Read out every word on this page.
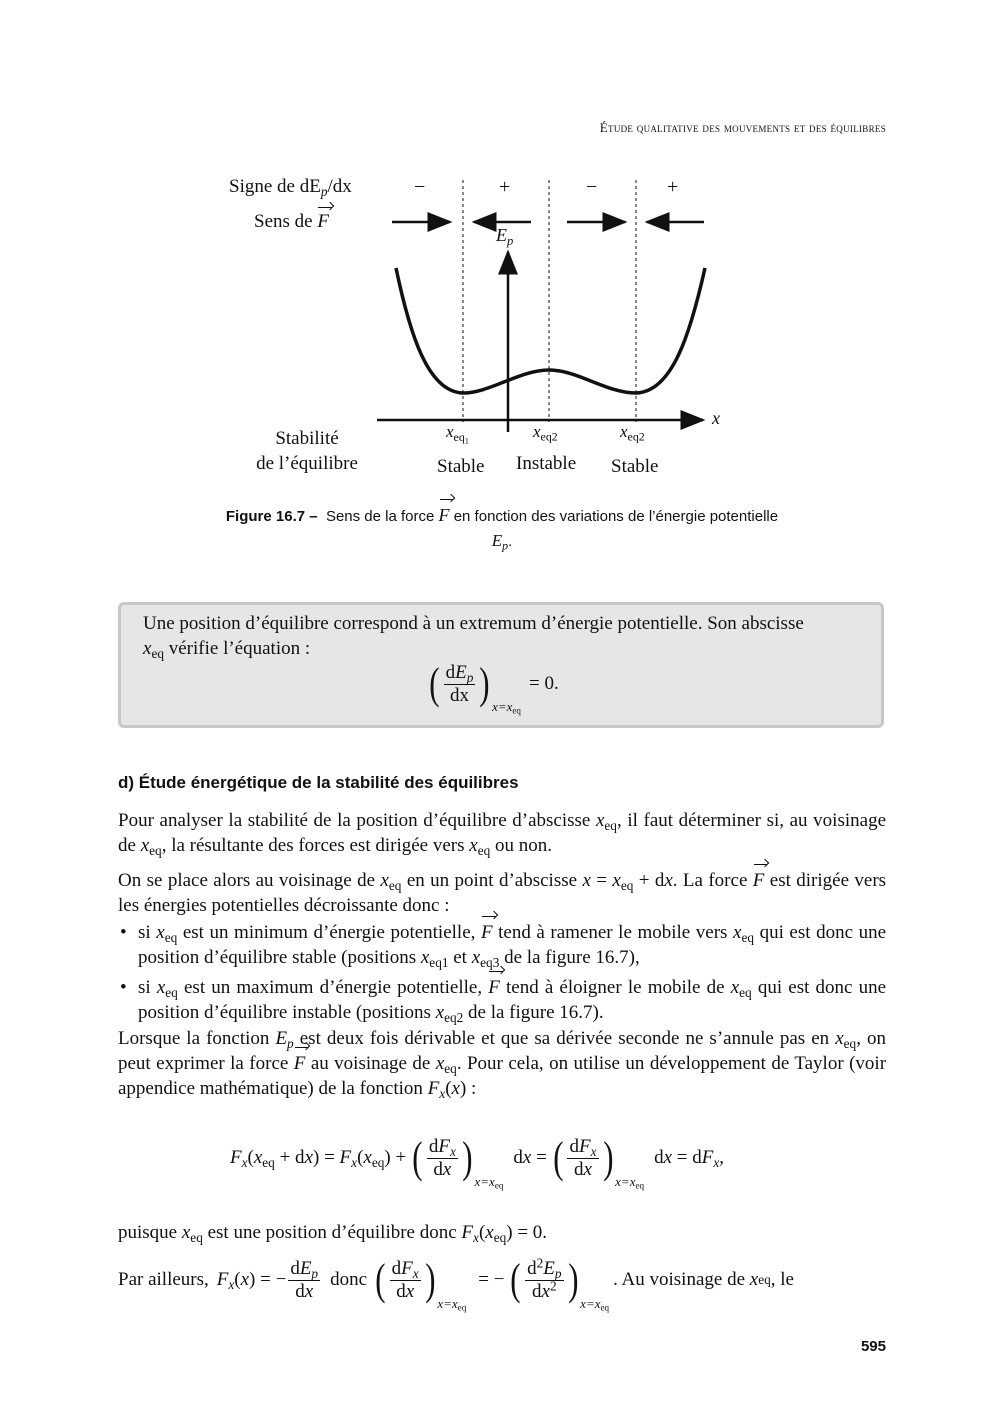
Étude qualitative des mouvements et des équilibres
Signe de $dE_p/dx$
Sens de F
−	+	−	+
$E_p$
x
$x_{eq_1}$	$x_{eq2}$	$x_{eq2}$
Stabilité
de l’équilibre	Stable Instable Stable
Figure 16.7 – Sens de la force F en fonction des variations de l’énergie potentielle
$E_p$.
Une position d’équilibre correspond à un extremum d’énergie potentielle. Son abscisse
$x_{eq}$ vérifie l’équation :
( $\frac{dE_p}{dx}$ ) $x=x_{eq}$
= 0.
d) Étude énergétique de la stabilité des équilibres
Pour analyser la stabilité de la position d’équilibre d’abscisse $x_{eq}$, il faut déterminer si, au voisinage de $x_{eq}$, la résultante des forces est dirigée vers $x_{eq}$ ou non.
On se place alors au voisinage de $x_{eq}$ en un point d’abscisse $x = x_{eq}$ + dx. La force F est dirigée vers les énergies potentielles décroissante donc :
• si $x_{eq}$ est un minimum d’énergie potentielle, F tend à ramener le mobile vers $x_{eq}$ qui est donc une position d’équilibre stable (positions $x_{eq1}$ et $x_{eq3}$ de la figure 16.7),
• si $x_{eq}$ est un maximum d’énergie potentielle, F tend à éloigner le mobile de $x_{eq}$ qui est donc une position d’équilibre instable (positions $x_{eq2}$ de la figure 16.7).
Lorsque la fonction $E_p$ est deux fois dérivable et que sa dérivée seconde ne s’annule pas en $x_{eq}$, on peut exprimer la force F au voisinage de $x_{eq}$. Pour cela, on utilise un développement de Taylor (voir appendice mathématique) de la fonction $F_x(x)$ :
$F_x(x_{eq} + dx) = F_x(x_{eq})$ + ( $\frac{dF_x}{dx}$ ) $x=x_{eq}$
dx = ( $\frac{dF_x}{dx}$ ) $x=x_{eq}$
dx = $dF_x$,
puisque $x_{eq}$ est une position d’équilibre donc $F_x(x_{eq}) = 0$.
Par ailleurs, $F_x(x)$ = − $\frac{dE_p}{dx}$ donc ( $\frac{dF_x}{dx}$ ) $x=x_{eq}$
= − ( $\frac{d^2E_p}{dx^2}$ ) $x=x_{eq}$
. Au voisinage de
x eq , le
595
